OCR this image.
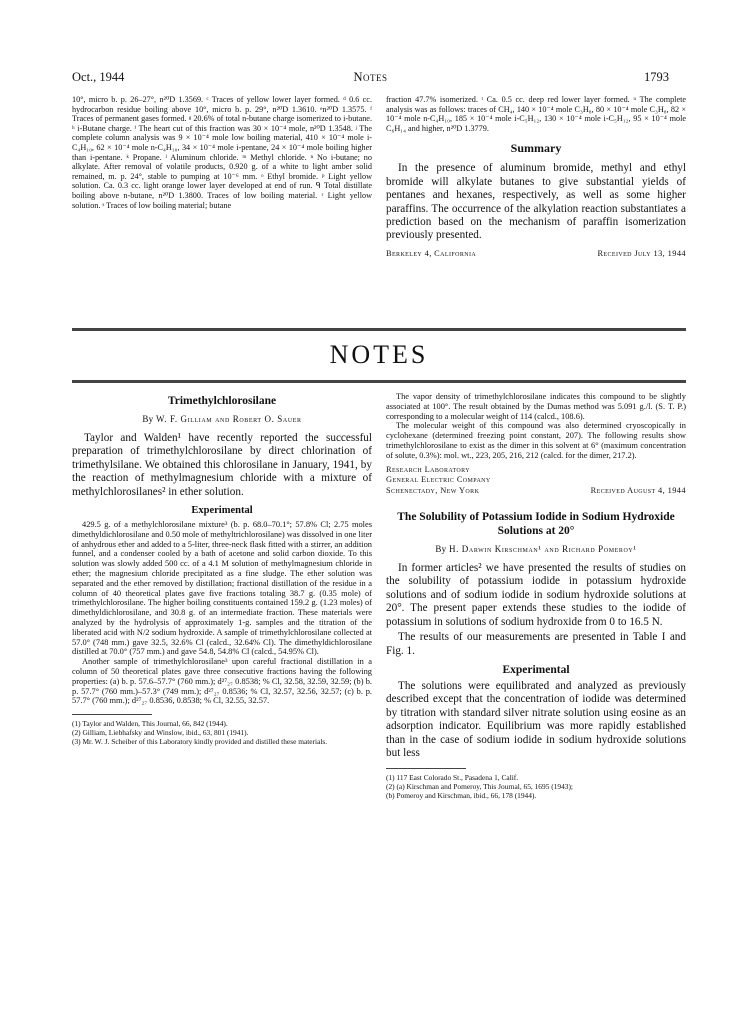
Oct., 1944	Notes	1793

10°, micro b. p. 26–27°, n²⁰D 1.3569. ᶜ Traces of yellow lower layer formed. ᵈ 0.6 cc. hydrocarbon residue boiling above 10°, micro b. p. 29°, n²⁰D 1.3610. ᵉn²⁰D 1.3575. ᶠ Traces of permanent gases formed. ᵍ 20.6% of total n-butane charge isomerized to i-butane. ʰ i-Butane charge. ⁱ The heart cut of this fraction was 30 × 10⁻⁴ mole, n²⁰D 1.3548. ʲ The complete column analysis was 9 × 10⁻⁴ mole low boiling material, 410 × 10⁻⁴ mole i-C₄H₁₀, 62 × 10⁻⁴ mole n-C₄H₁₀, 34 × 10⁻⁴ mole i-pentane, 24 × 10⁻⁴ mole boiling higher than i-pentane. ᵏ Propane. ˡ Aluminum chloride. ᵐ Methyl chloride. ⁿ No i-butane; no alkylate. After removal of volatile products, 0.920 g. of a white to light amber solid remained, m. p. 24°, stable to pumping at 10⁻⁶ mm. ᵒ Ethyl bromide. ᵖ Light yellow solution. Ca. 0.3 cc. light orange lower layer developed at end of run. ᑫ Total distillate boiling above n-butane, n²⁰D 1.3800. Traces of low boiling material. ʳ Light yellow solution. ˢ Traces of low boiling material; butane

fraction 47.7% isomerized. ᵗ Ca. 0.5 cc. deep red lower layer formed. ᵘ The complete analysis was as follows: traces of CH₄, 140 × 10⁻⁴ mole C₃H₈, 80 × 10⁻⁴ mole C₃H₈, 82 × 10⁻⁴ mole n-C₄H₁₀, 185 × 10⁻⁴ mole i-C₅H₁₂, 130 × 10⁻⁴ mole i-C₅H₁₂, 95 × 10⁻⁴ mole C₆H₁₄ and higher, n²⁰D 1.3779.

Summary

In the presence of aluminum bromide, methyl and ethyl bromide will alkylate butanes to give substantial yields of pentanes and hexanes, respectively, as well as some higher paraffins. The occurrence of the alkylation reaction substantiates a prediction based on the mechanism of paraffin isomerization previously presented.

Berkeley 4, California	Received July 13, 1944
NOTES
Trimethylchlorosilane
By W. F. Gilliam and Robert O. Sauer

Taylor and Walden¹ have recently reported the successful preparation of trimethylchlorosilane by direct chlorination of trimethylsilane. We obtained this chlorosilane in January, 1941, by the reaction of methylmagnesium chloride with a mixture of methylchlorosilanes² in ether solution.

Experimental

429.5 g. of a methylchlorosilane mixture³ (b. p. 68.0–70.1°; 57.8% Cl; 2.75 moles dimethyldichlorosilane and 0.50 mole of methyltrichlorosilane) was dissolved in one liter of anhydrous ether and added to a 5-liter, three-neck flask fitted with a stirrer, an addition funnel, and a condenser cooled by a bath of acetone and solid carbon dioxide. To this solution was slowly added 500 cc. of a 4.1 M solution of methylmagnesium chloride in ether; the magnesium chloride precipitated as a fine sludge. The ether solution was separated and the ether removed by distillation; fractional distillation of the residue in a column of 40 theoretical plates gave five fractions totaling 38.7 g. (0.35 mole) of trimethylchlorosilane. The higher boiling constituents contained 159.2 g. (1.23 moles) of dimethyldichlorosilane, and 30.8 g. of an intermediate fraction. These materials were analyzed by the hydrolysis of approximately 1-g. samples and the titration of the liberated acid with N/2 sodium hydroxide. A sample of trimethylchlorosilane collected at 57.0° (748 mm.) gave 32.5, 32.6% Cl (calcd., 32.64% Cl). The dimethyldichlorosilane distilled at 70.0° (757 mm.) and gave 54.8, 54.8% Cl (calcd., 54.95% Cl).

Another sample of trimethylchlorosilane³ upon careful fractional distillation in a column of 50 theoretical plates gave three consecutive fractions having the following properties: (a) b. p. 57.6–57.7° (760 mm.); d²⁷₂₇ 0.8538; % Cl, 32.58, 32.59, 32.59; (b) b. p. 57.7° (760 mm.)–57.3° (749 mm.); d²⁷₂₇ 0.8536; % Cl, 32.57, 32.56, 32.57; (c) b. p. 57.7° (760 mm.); d²⁷₂₇ 0.8536, 0.8538; % Cl, 32.55, 32.57.

(1) Taylor and Walden, This Journal, 66, 842 (1944).

(2) Gilliam, Liebhafsky and Winslow, ibid., 63, 801 (1941).

(3) Mr. W. J. Scheiber of this Laboratory kindly provided and distilled these materials.

The vapor density of trimethylchlorosilane indicates this compound to be slightly associated at 100°. The result obtained by the Dumas method was 5.091 g./l. (S. T. P.) corresponding to a molecular weight of 114 (calcd., 108.6).

The molecular weight of this compound was also determined cryoscopically in cyclohexane (determined freezing point constant, 207). The following results show trimethylchlorosilane to exist as the dimer in this solvent at 6° (maximum concentration of solute, 0.3%): mol. wt., 223, 205, 216, 212 (calcd. for the dimer, 217.2).

Research Laboratory
General Electric Company
Schenectady, New York	Received August 4, 1944
The Solubility of Potassium Iodide in Sodium Hydroxide Solutions at 20°
By H. Darwin Kirschman¹ and Richard Pomeroy¹

In former articles² we have presented the results of studies on the solubility of potassium iodide in potassium hydroxide solutions and of sodium iodide in sodium hydroxide solutions at 20°. The present paper extends these studies to the iodide of potassium in solutions of sodium hydroxide from 0 to 16.5 N.

The results of our measurements are presented in Table I and Fig. 1.

Experimental

The solutions were equilibrated and analyzed as previously described except that the concentration of iodide was determined by titration with standard silver nitrate solution using eosine as an adsorption indicator. Equilibrium was more rapidly established than in the case of sodium iodide in sodium hydroxide solutions but less

(1) 117 East Colorado St., Pasadena 1, Calif.

(2) (a) Kirschman and Pomeroy, This Journal, 65, 1695 (1943);

(b) Pomeroy and Kirschman, ibid., 66, 178 (1944).
